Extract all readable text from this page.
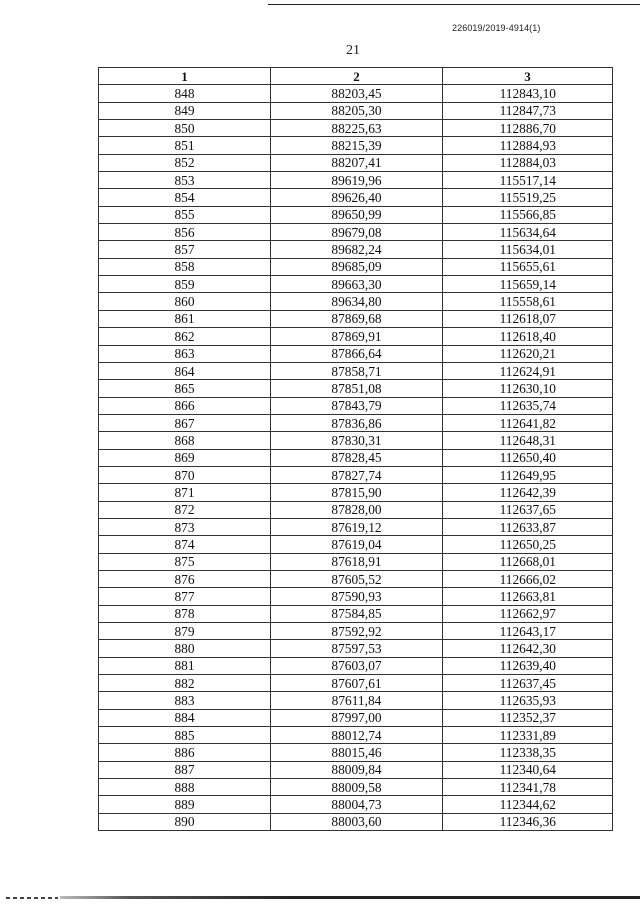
226019/2019-4914(1)
21
1	2	3
848	88203,45	112843,10
849	88205,30	112847,73
850	88225,63	112886,70
851	88215,39	112884,93
852	88207,41	112884,03
853	89619,96	115517,14
854	89626,40	115519,25
855	89650,99	115566,85
856	89679,08	115634,64
857	89682,24	115634,01
858	89685,09	115655,61
859	89663,30	115659,14
860	89634,80	115558,61
861	87869,68	112618,07
862	87869,91	112618,40
863	87866,64	112620,21
864	87858,71	112624,91
865	87851,08	112630,10
866	87843,79	112635,74
867	87836,86	112641,82
868	87830,31	112648,31
869	87828,45	112650,40
870	87827,74	112649,95
871	87815,90	112642,39
872	87828,00	112637,65
873	87619,12	112633,87
874	87619,04	112650,25
875	87618,91	112668,01
876	87605,52	112666,02
877	87590,93	112663,81
878	87584,85	112662,97
879	87592,92	112643,17
880	87597,53	112642,30
881	87603,07	112639,40
882	87607,61	112637,45
883	87611,84	112635,93
884	87997,00	112352,37
885	88012,74	112331,89
886	88015,46	112338,35
887	88009,84	112340,64
888	88009,58	112341,78
889	88004,73	112344,62
890	88003,60	112346,36
